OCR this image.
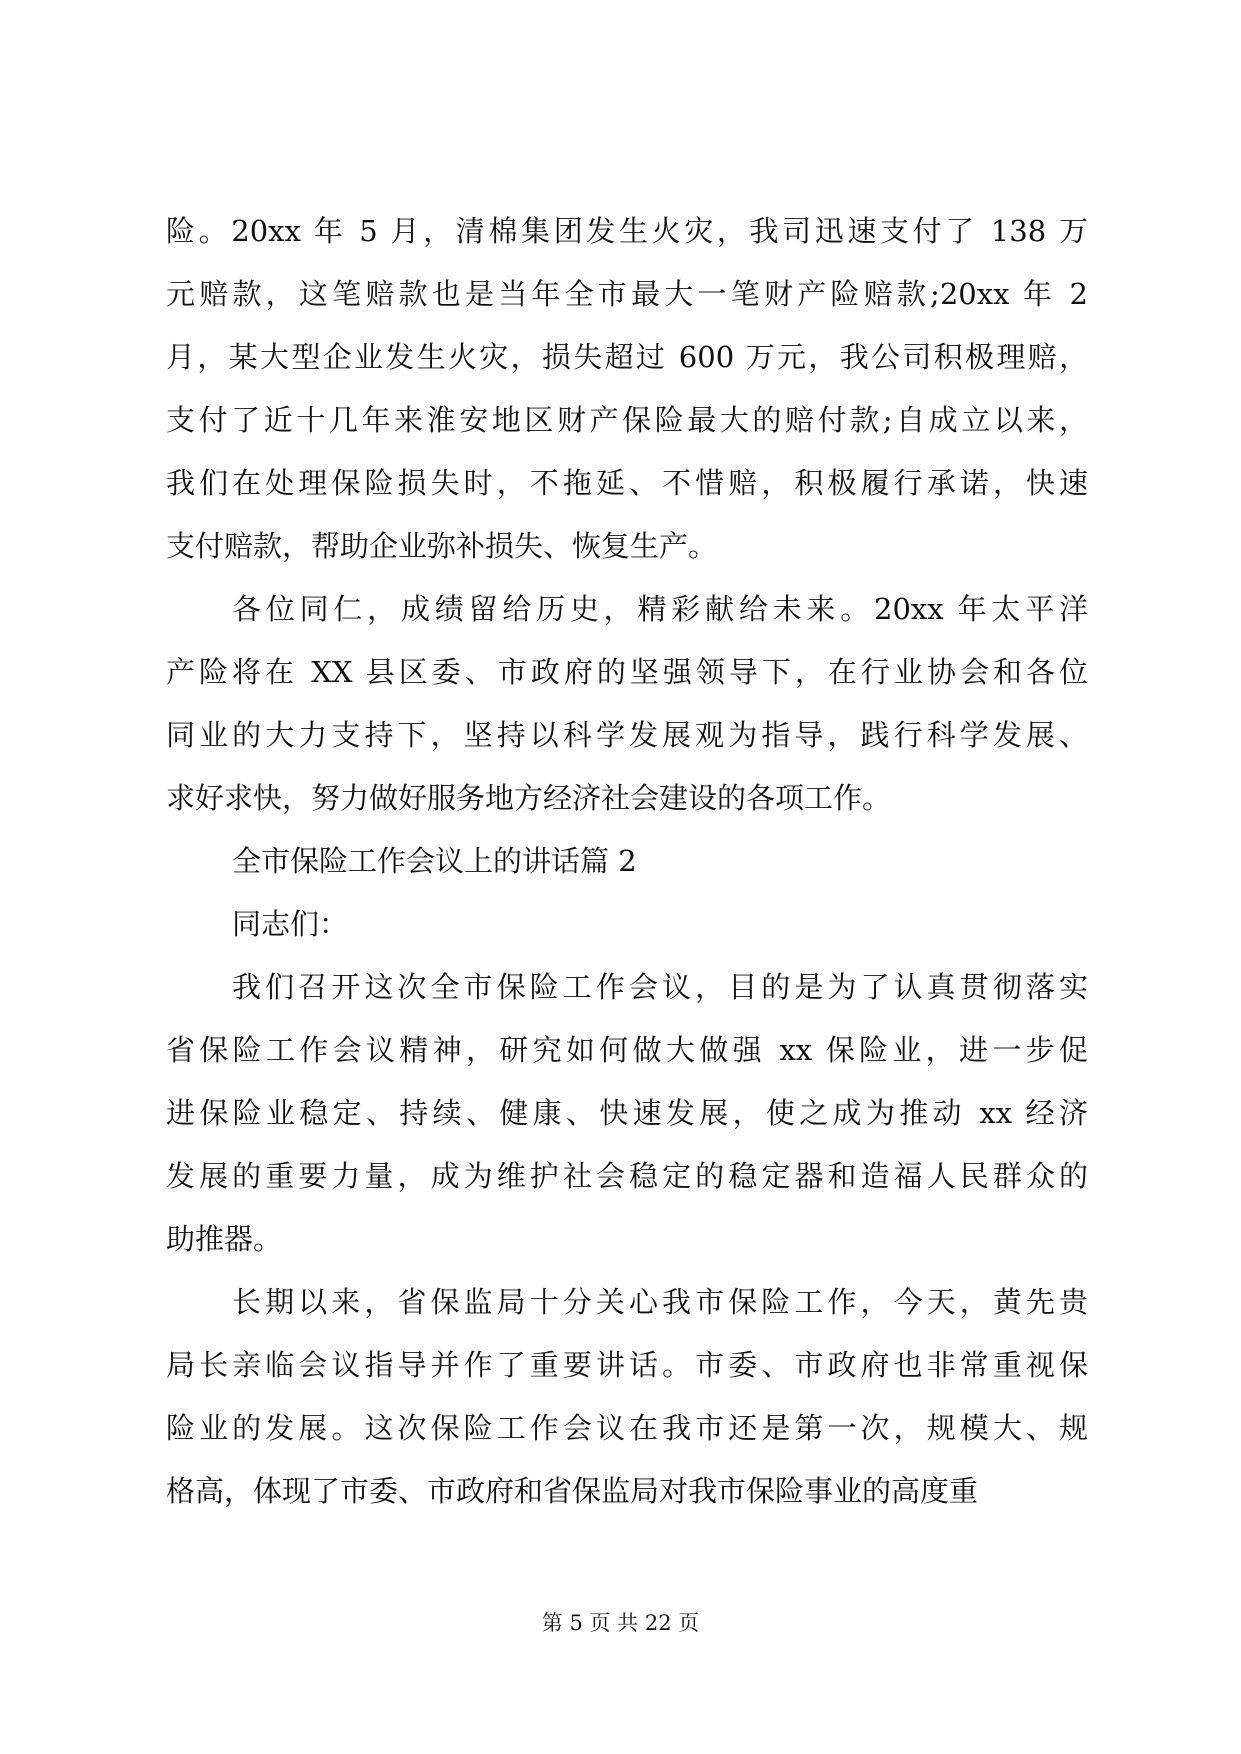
险。20xx 年 5 月，清棉集团发生火灾，我司迅速支付了 138 万
元赔款，这笔赔款也是当年全市最大一笔财产险赔款;20xx 年 2
月，某大型企业发生火灾，损失超过 600 万元，我公司积极理赔，
支付了近十几年来淮安地区财产保险最大的赔付款;自成立以来，
我们在处理保险损失时，不拖延、不惜赔，积极履行承诺，快速
支付赔款，帮助企业弥补损失、恢复生产。
各位同仁，成绩留给历史，精彩献给未来。20xx 年太平洋
产险将在 XX 县区委、市政府的坚强领导下，在行业协会和各位
同业的大力支持下，坚持以科学发展观为指导，践行科学发展、
求好求快，努力做好服务地方经济社会建设的各项工作。
全市保险工作会议上的讲话篇 2
同志们：
我们召开这次全市保险工作会议，目的是为了认真贯彻落实
省保险工作会议精神，研究如何做大做强 xx 保险业，进一步促
进保险业稳定、持续、健康、快速发展，使之成为推动 xx 经济
发展的重要力量，成为维护社会稳定的稳定器和造福人民群众的
助推器。
长期以来，省保监局十分关心我市保险工作，今天，黄先贵
局长亲临会议指导并作了重要讲话。市委、市政府也非常重视保
险业的发展。这次保险工作会议在我市还是第一次，规模大、规
格高，体现了市委、市政府和省保监局对我市保险事业的高度重
第 5 页 共 22 页
